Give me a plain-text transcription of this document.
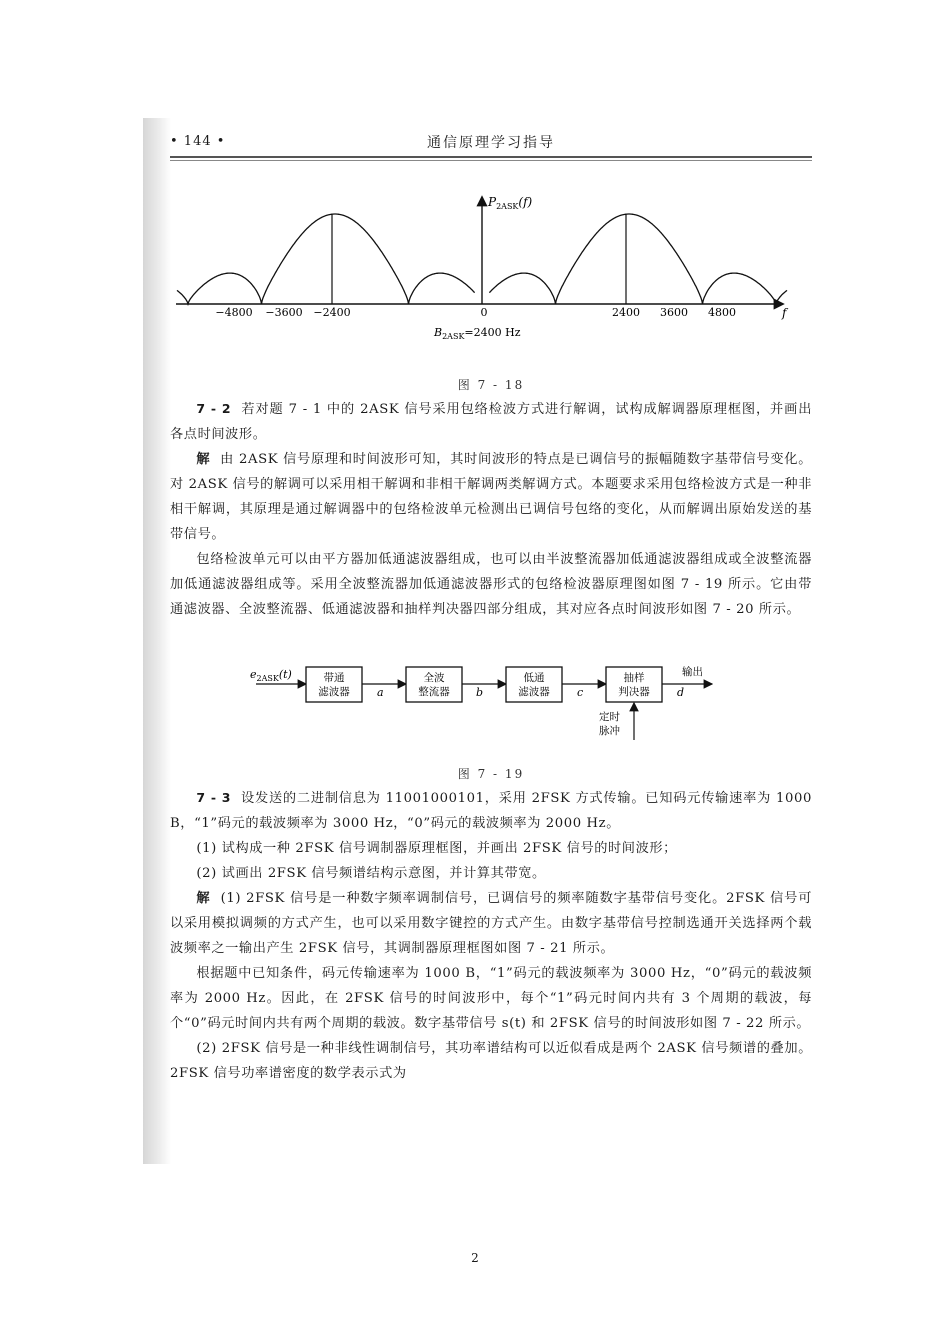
• 144 •	通信原理学习指导
$P_{2ASK}(f)$
f
−4800 −3600 −2400	0	2400 3600 4800
$B_{2ASK}=2400$ Hz
图 7 - 18

7 - 2 若对题 7 - 1 中的 2ASK 信号采用包络检波方式进行解调，试构成解调器原理框图，并画出各点时间波形。

解 由 2ASK 信号原理和时间波形可知，其时间波形的特点是已调信号的振幅随数字基带信号变化。对 2ASK 信号的解调可以采用相干解调和非相干解调两类解调方式。本题要求采用包络检波方式是一种非相干解调，其原理是通过解调器中的包络检波单元检测出已调信号包络的变化，从而解调出原始发送的基带信号。

包络检波单元可以由平方器加低通滤波器组成，也可以由半波整流器加低通滤波器组成或全波整流器加低通滤波器组成等。采用全波整流器加低通滤波器形式的包络检波器原理图如图 7 - 19 所示。它由带通滤波器、全波整流器、低通滤波器和抽样判决器四部分组成，其对应各点时间波形如图 7 - 20 所示。

$e_{2ASK}(t)$	带通
滤波器 a
全波
整流器 b
低通
滤波器 c
抽样
判决器 d
输出
定时
脉冲
图 7 - 19

7 - 3 设发送的二进制信息为 11001000101，采用 2FSK 方式传输。已知码元传输速率为 1000 B，“1”码元的载波频率为 3000 Hz，“0”码元的载波频率为 2000 Hz。

(1) 试构成一种 2FSK 信号调制器原理框图，并画出 2FSK 信号的时间波形；

(2) 试画出 2FSK 信号频谱结构示意图，并计算其带宽。

解 (1) 2FSK 信号是一种数字频率调制信号，已调信号的频率随数字基带信号变化。2FSK 信号可以采用模拟调频的方式产生，也可以采用数字键控的方式产生。由数字基带信号控制选通开关选择两个载波频率之一输出产生 2FSK 信号，其调制器原理框图如图 7 - 21 所示。

根据题中已知条件，码元传输速率为 1000 B，“1”码元的载波频率为 3000 Hz，“0”码元的载波频率为 2000 Hz。因此，在 2FSK 信号的时间波形中，每个“1”码元时间内共有 3 个周期的载波，每个“0”码元时间内共有两个周期的载波。数字基带信号 s(t) 和 2FSK 信号的时间波形如图 7 - 22 所示。

(2) 2FSK 信号是一种非线性调制信号，其功率谱结构可以近似看成是两个 2ASK 信号频谱的叠加。2FSK 信号功率谱密度的数学表示式为

2
